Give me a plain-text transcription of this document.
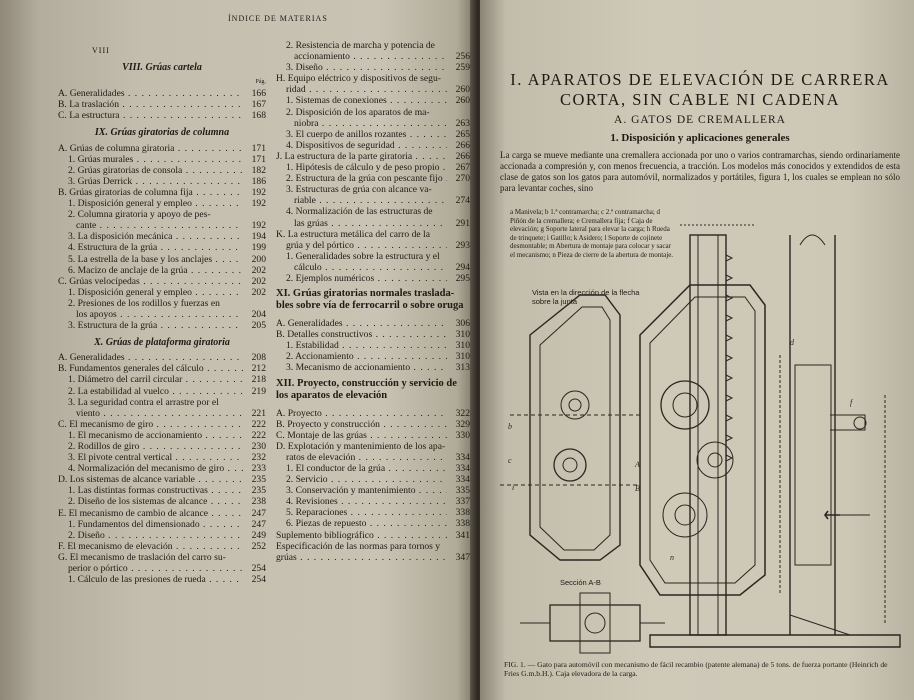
ÍNDICE DE MATERIAS
VIII
VIII. Grúas cartela
Pág.
A. Generalidades . . .	166
B. La traslación . . .	167
C. La estructura . . .	168
IX. Grúas giratorias de columna
A. Grúas de columna giratoria . . .	171
1. Grúas murales . . .	171
2. Grúas giratorias de consola . . .	182
3. Grúas Derrick . . .	186
B. Grúas giratorias de columna fija . . .	192
1. Disposición general y empleo . . .	192
2. Columna giratoria y apoyo de pes-
cante . . .	192
3. La disposición mecánica . . .	194
4. Estructura de la grúa . . .	199
5. La estrella de la base y los anclajes . . .	200
6. Macizo de anclaje de la grúa . . .	202
C. Grúas velocípedas . . .	202
1. Disposición general y empleo . . .	202
2. Presiones de los rodillos y fuerzas en
los apoyos . . .	204
3. Estructura de la grúa . . .	205
X. Grúas de plataforma giratoria
A. Generalidades . . .	208
B. Fundamentos generales del cálculo . . .	212
1. Diámetro del carril circular . . .	218
2. La estabilidad al vuelco . . .	219
3. La seguridad contra el arrastre por el
viento . . .	221
C. El mecanismo de giro . . .	222
1. El mecanismo de accionamiento . . .	222
2. Rodillos de giro . . .	230
3. El pivote central vertical . . .	232
4. Normalización del mecanismo de giro . . .	233
D. Los sistemas de alcance variable . . .	235
1. Las distintas formas constructivas . . .	235
2. Diseño de los sistemas de alcance . . .	238
E. El mecanismo de cambio de alcance . . .	247
1. Fundamentos del dimensionado . . .	247
2. Diseño . . .	249
F. El mecanismo de elevación . . .	252
G. El mecanismo de traslación del carro su-
perior o pórtico . . .	254
1. Cálculo de las presiones de rueda . . .	254
2. Resistencia de marcha y potencia de
accionamiento . . .	256
3. Diseño . . .	259
H. Equipo eléctrico y dispositivos de segu-
ridad . . .	260
1. Sistemas de conexiones . . .	260
2. Disposición de los aparatos de ma-
niobra . . .	263
3. El cuerpo de anillos rozantes . . .	265
4. Dispositivos de seguridad . . .	266
J. La estructura de la parte giratoria . . .	266
1. Hipótesis de cálculo y de peso propio . . .	267
2. Estructura de la grúa con pescante fijo . . .	270
3. Estructuras de grúa con alcance va-
riable . . .	274
4. Normalización de las estructuras de
las grúas . . .	291
K. La estructura metálica del carro de la
grúa y del pórtico . . .	293
1. Generalidades sobre la estructura y el
cálculo . . .	294
2. Ejemplos numéricos . . .	295
XI. Grúas giratorias normales traslada-bles sobre vía de ferrocarril o sobre oruga
A. Generalidades . . .	306
B. Detalles constructivos . . .	310
1. Estabilidad . . .	310
2. Accionamiento . . .	310
3. Mecanismo de accionamiento . . .	313
XII. Proyecto, construcción y servicio de los aparatos de elevación
A. Proyecto . . .	322
B. Proyecto y construcción . . .	329
C. Montaje de las grúas . . .	330
D. Explotación y mantenimiento de los apa-
ratos de elevación . . .	334
1. El conductor de la grúa . . .	334
2. Servicio . . .	334
3. Conservación y mantenimiento . . .	335
4. Revisiones . . .	337
5. Reparaciones . . .	338
6. Piezas de repuesto . . .	338
Suplemento bibliográfico . . .	341
Especificación de las normas para tornos y
grúas . . .	347
I. APARATOS DE ELEVACIÓN DE CARRERA CORTA, SIN CABLE NI CADENA
A. GATOS DE CREMALLERA
1. Disposición y aplicaciones generales
La carga se mueve mediante una cremallera accionada por uno o varios contramarchas, siendo ordinariamente accionada a compresión y, con menos frecuencia, a tracción. Los modelos más conocidos y extendidos de esta clase de gatos son los gatos para automóvil, normalizados y portátiles, figura 1, los cuales se emplean no sólo para levantar coches, sino
a Manivela; b 1.ª contramarcha; c 2.ª contramarcha; d Piñón de la cremallera; e Cremallera fija; f Caja de elevación; g Soporte lateral para elevar la carga; h Rueda de trinquete; i Gatillo; k Asidero; l Soporte de cojinete desmontable; m Abertura de montaje para colocar y sacar el mecanismo; n Pieza de cierre de la abertura de montaje.
Vista en la dirección de la flecha sobre la junta
Sección A-B
b
c
i
A
B
n
d
f
FIG. 1. — Gato para automóvil con mecanismo de fácil recambio (patente alemana) de 5 tons. de fuerza portante (Heinrich de Fries G.m.b.H.). Caja elevadora de la carga.
